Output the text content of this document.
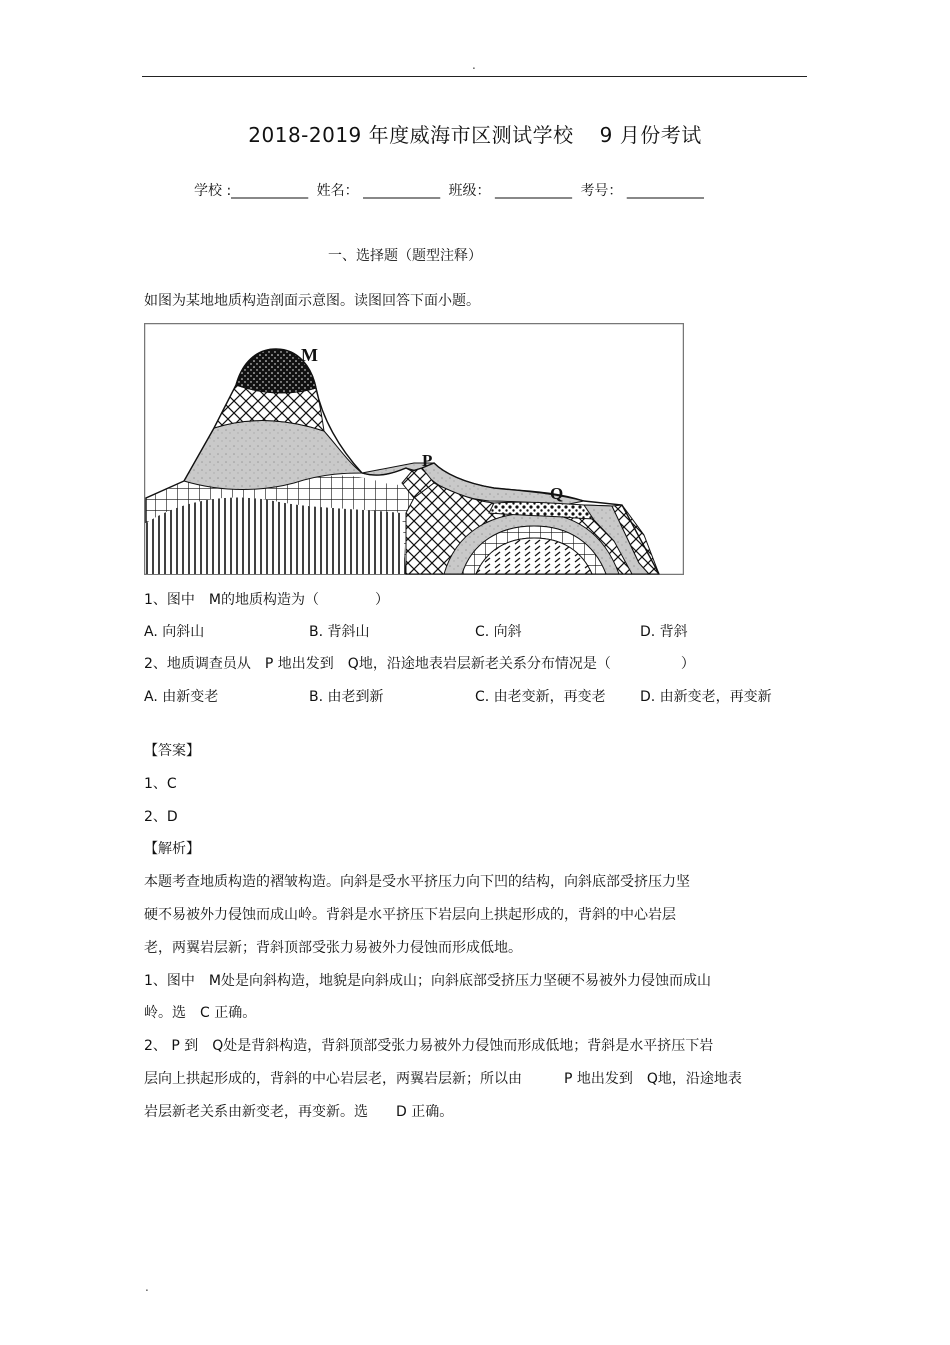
.
2018-2019 年度威海市区测试学校 9 月份考试
学校 :___________ 姓名： ___________ 班级： ___________ 考号： ___________
一、选择题（题型注释）
如图为某地地质构造剖面示意图。读图回答下面小题。
M
P
Q
1、图中　M的地质构造为（　　　　）
A. 向斜山	B. 背斜山	C. 向斜	D. 背斜
2、地质调查员从　P 地出发到　Q地，沿途地表岩层新老关系分布情况是（　　　　　）
A. 由新变老	B. 由老到新	C. 由老变新，再变老 D. 由新变老，再变新
【答案】
1、C
2、D
【解析】
本题考查地质构造的褶皱构造。向斜是受水平挤压力向下凹的结构，向斜底部受挤压力坚
硬不易被外力侵蚀而成山岭。背斜是水平挤压下岩层向上拱起形成的，背斜的中心岩层
老，两翼岩层新；背斜顶部受张力易被外力侵蚀而形成低地。
1、图中　M处是向斜构造，地貌是向斜成山；向斜底部受挤压力坚硬不易被外力侵蚀而成山
岭。选　C 正确。
2、 P 到　Q处是背斜构造，背斜顶部受张力易被外力侵蚀而形成低地；背斜是水平挤压下岩
层向上拱起形成的，背斜的中心岩层老，两翼岩层新；所以由　　　P 地出发到　Q地，沿途地表
岩层新老关系由新变老，再变新。选　　D 正确。
.
